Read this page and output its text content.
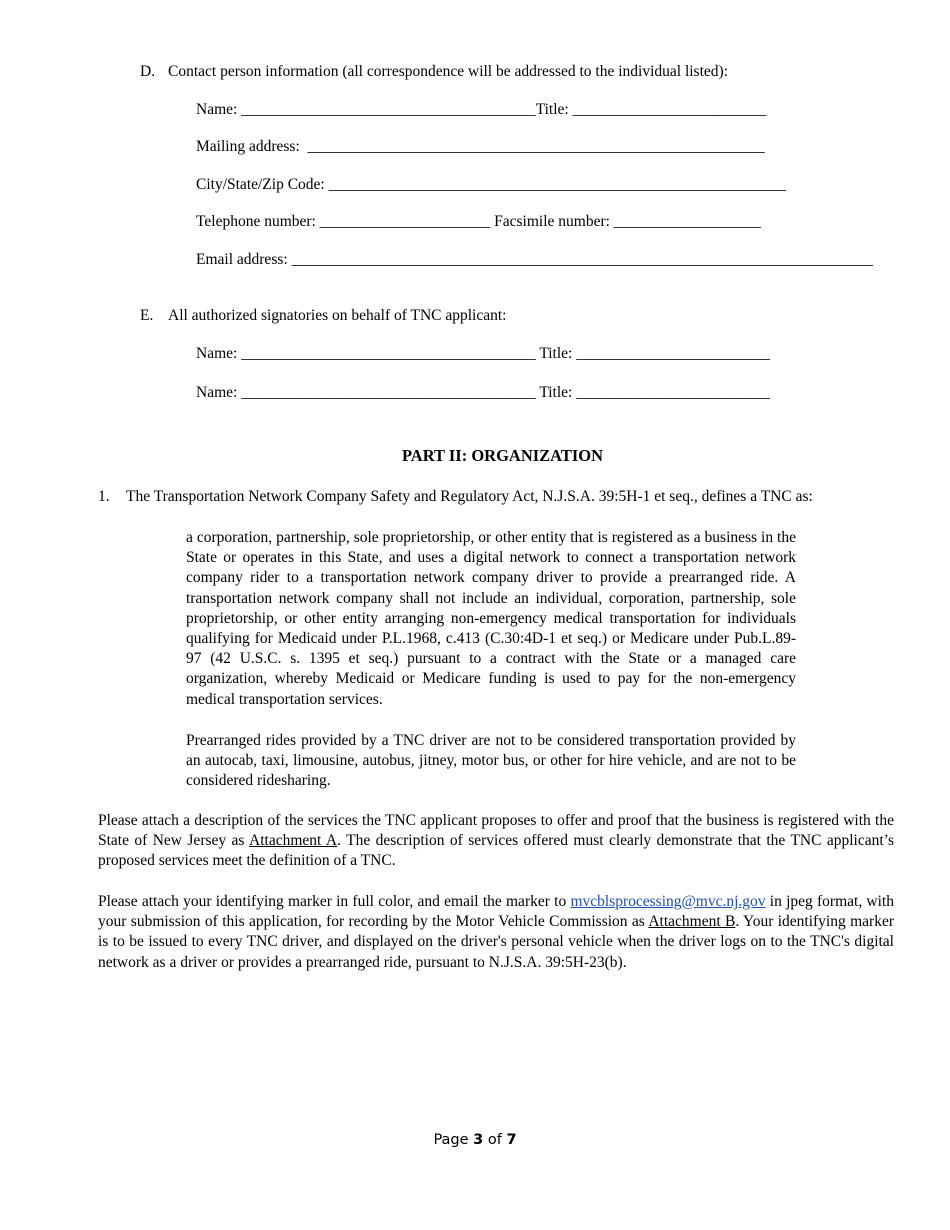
D. Contact person information (all correspondence will be addressed to the individual listed):
Name: ______________________________________Title: _________________________
Mailing address: ___________________________________________________________
City/State/Zip Code: ___________________________________________________________
Telephone number: ______________________ Facsimile number: ___________________
Email address: ___________________________________________________________________________
E. All authorized signatories on behalf of TNC applicant:
Name: ______________________________________ Title: _________________________
Name: ______________________________________ Title: _________________________
PART II: ORGANIZATION
1. The Transportation Network Company Safety and Regulatory Act, N.J.S.A. 39:5H-1 et seq., defines a TNC as:
a corporation, partnership, sole proprietorship, or other entity that is registered as a business in the State or operates in this State, and uses a digital network to connect a transportation network company rider to a transportation network company driver to provide a prearranged ride. A transportation network company shall not include an individual, corporation, partnership, sole proprietorship, or other entity arranging non-emergency medical transportation for individuals qualifying for Medicaid under P.L.1968, c.413 (C.30:4D-1 et seq.) or Medicare under Pub.L.89-97 (42 U.S.C. s. 1395 et seq.) pursuant to a contract with the State or a managed care organization, whereby Medicaid or Medicare funding is used to pay for the non-emergency medical transportation services.
Prearranged rides provided by a TNC driver are not to be considered transportation provided by an autocab, taxi, limousine, autobus, jitney, motor bus, or other for hire vehicle, and are not to be considered ridesharing.
Please attach a description of the services the TNC applicant proposes to offer and proof that the business is registered with the State of New Jersey as Attachment A. The description of services offered must clearly demonstrate that the TNC applicant’s proposed services meet the definition of a TNC.
Please attach your identifying marker in full color, and email the marker to mvcblsprocessing@mvc.nj.gov in jpeg format, with your submission of this application, for recording by the Motor Vehicle Commission as Attachment B. Your identifying marker is to be issued to every TNC driver, and displayed on the driver's personal vehicle when the driver logs on to the TNC's digital network as a driver or provides a prearranged ride, pursuant to N.J.S.A. 39:5H-23(b).
Page 3 of 7
